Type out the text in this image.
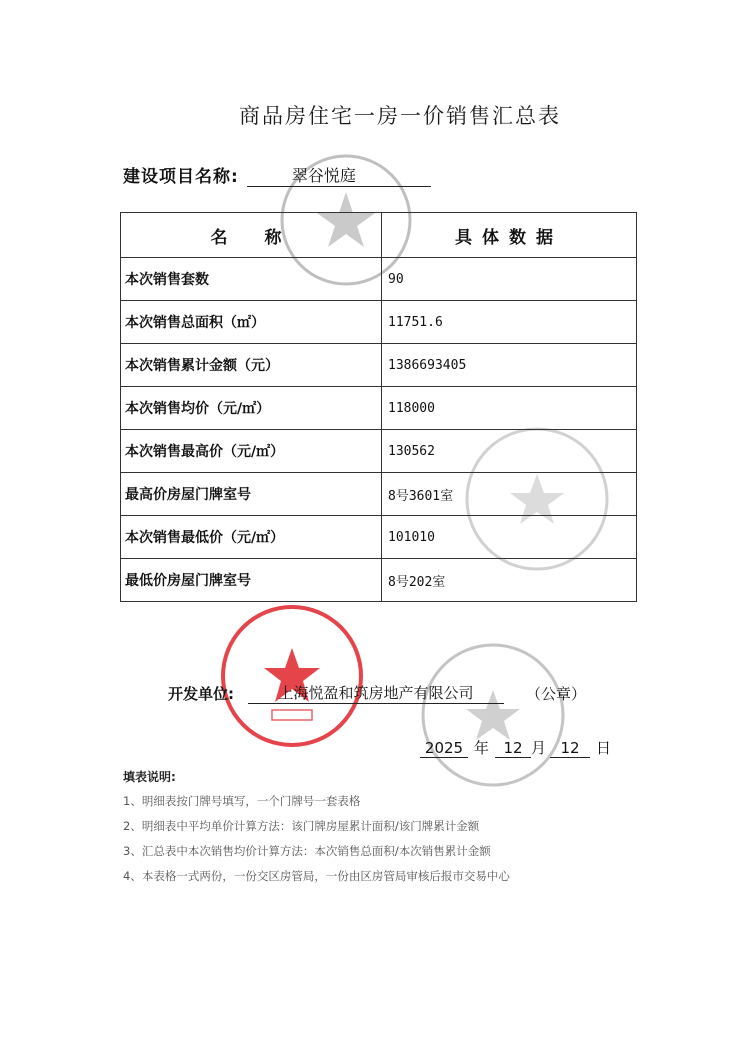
商品房住宅一房一价销售汇总表
建设项目名称:	翠谷悦庭
名　称	具体数据
本次销售套数	90
本次销售总面积（㎡）	11751.6
本次销售累计金额（元）	1386693405
本次销售均价（元/㎡）	118000
本次销售最高价（元/㎡）	130562
最高价房屋门牌室号	8号3601室
本次销售最低价（元/㎡）	101010
最低价房屋门牌室号	8号202室
开发单位:	上海悦盈和筑房地产有限公司	（公章）
2025 年 12 月 12	日
填表说明:
1、明细表按门牌号填写，一个门牌号一套表格
2、明细表中平均单价计算方法：该门牌房屋累计面积/该门牌累计金额
3、汇总表中本次销售均价计算方法：本次销售总面积/本次销售累计金额
4、本表格一式两份，一份交区房管局，一份由区房管局审核后报市交易中心
